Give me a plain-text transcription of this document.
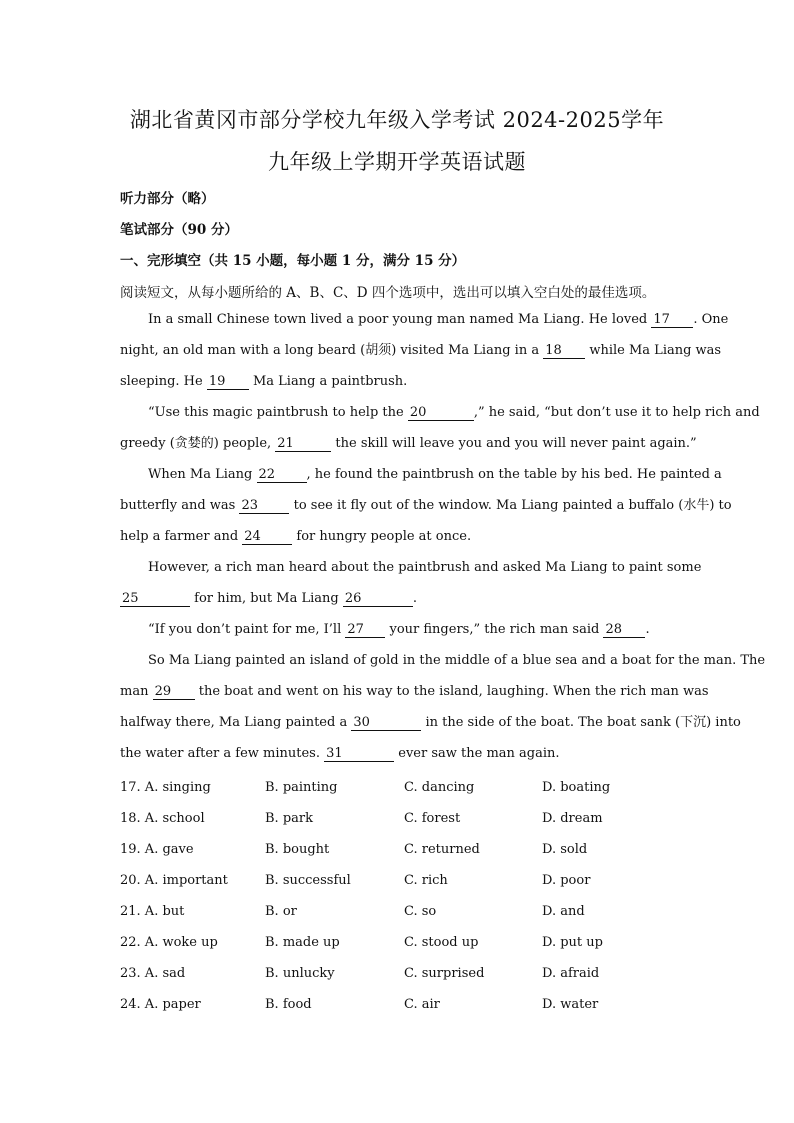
湖北省黄冈市部分学校九年级入学考试 2024-2025学年
九年级上学期开学英语试题
听力部分（略）
笔试部分（90 分）
一、完形填空（共 15 小题，每小题 1 分，满分 15 分）
阅读短文，从每小题所给的 A、B、C、D 四个选项中，选出可以填入空白处的最佳选项。
In a small Chinese town lived a poor young man named Ma Liang. He loved 17 . One
night, an old man with a long beard (胡须) visited Ma Liang in a 18 while Ma Liang was
sleeping. He 19 Ma Liang a paintbrush.
“Use this magic paintbrush to help the 20	,” he said, “but don’t use it to help rich and
greedy (贪婪的) people, 21	the skill will leave you and you will never paint again.”
When Ma Liang 22 , he found the paintbrush on the table by his bed. He painted a
butterfly and was 23 to see it fly out of the window. Ma Liang painted a buffalo (水牛) to
help a farmer and 24 for hungry people at once.
However, a rich man heard about the paintbrush and asked Ma Liang to paint some
25	for him, but Ma Liang 26	.
“If you don’t paint for me, I’ll 27 your fingers,” the rich man said 28 .
So Ma Liang painted an island of gold in the middle of a blue sea and a boat for the man. The
man 29 the boat and went on his way to the island, laughing. When the rich man was
halfway there, Ma Liang painted a 30	in the side of the boat. The boat sank (下沉) into
the water after a few minutes. 31	ever saw the man again.
17. A. singing	B. painting	C. dancing	D. boating
18. A. school	B. park	C. forest	D. dream
19. A. gave	B. bought	C. returned	D. sold
20. A. important	B. successful	C. rich	D. poor
21. A. but	B. or	C. so	D. and
22. A. woke up	B. made up	C. stood up	D. put up
23. A. sad	B. unlucky	C. surprised	D. afraid
24. A. paper	B. food	C. air	D. water
